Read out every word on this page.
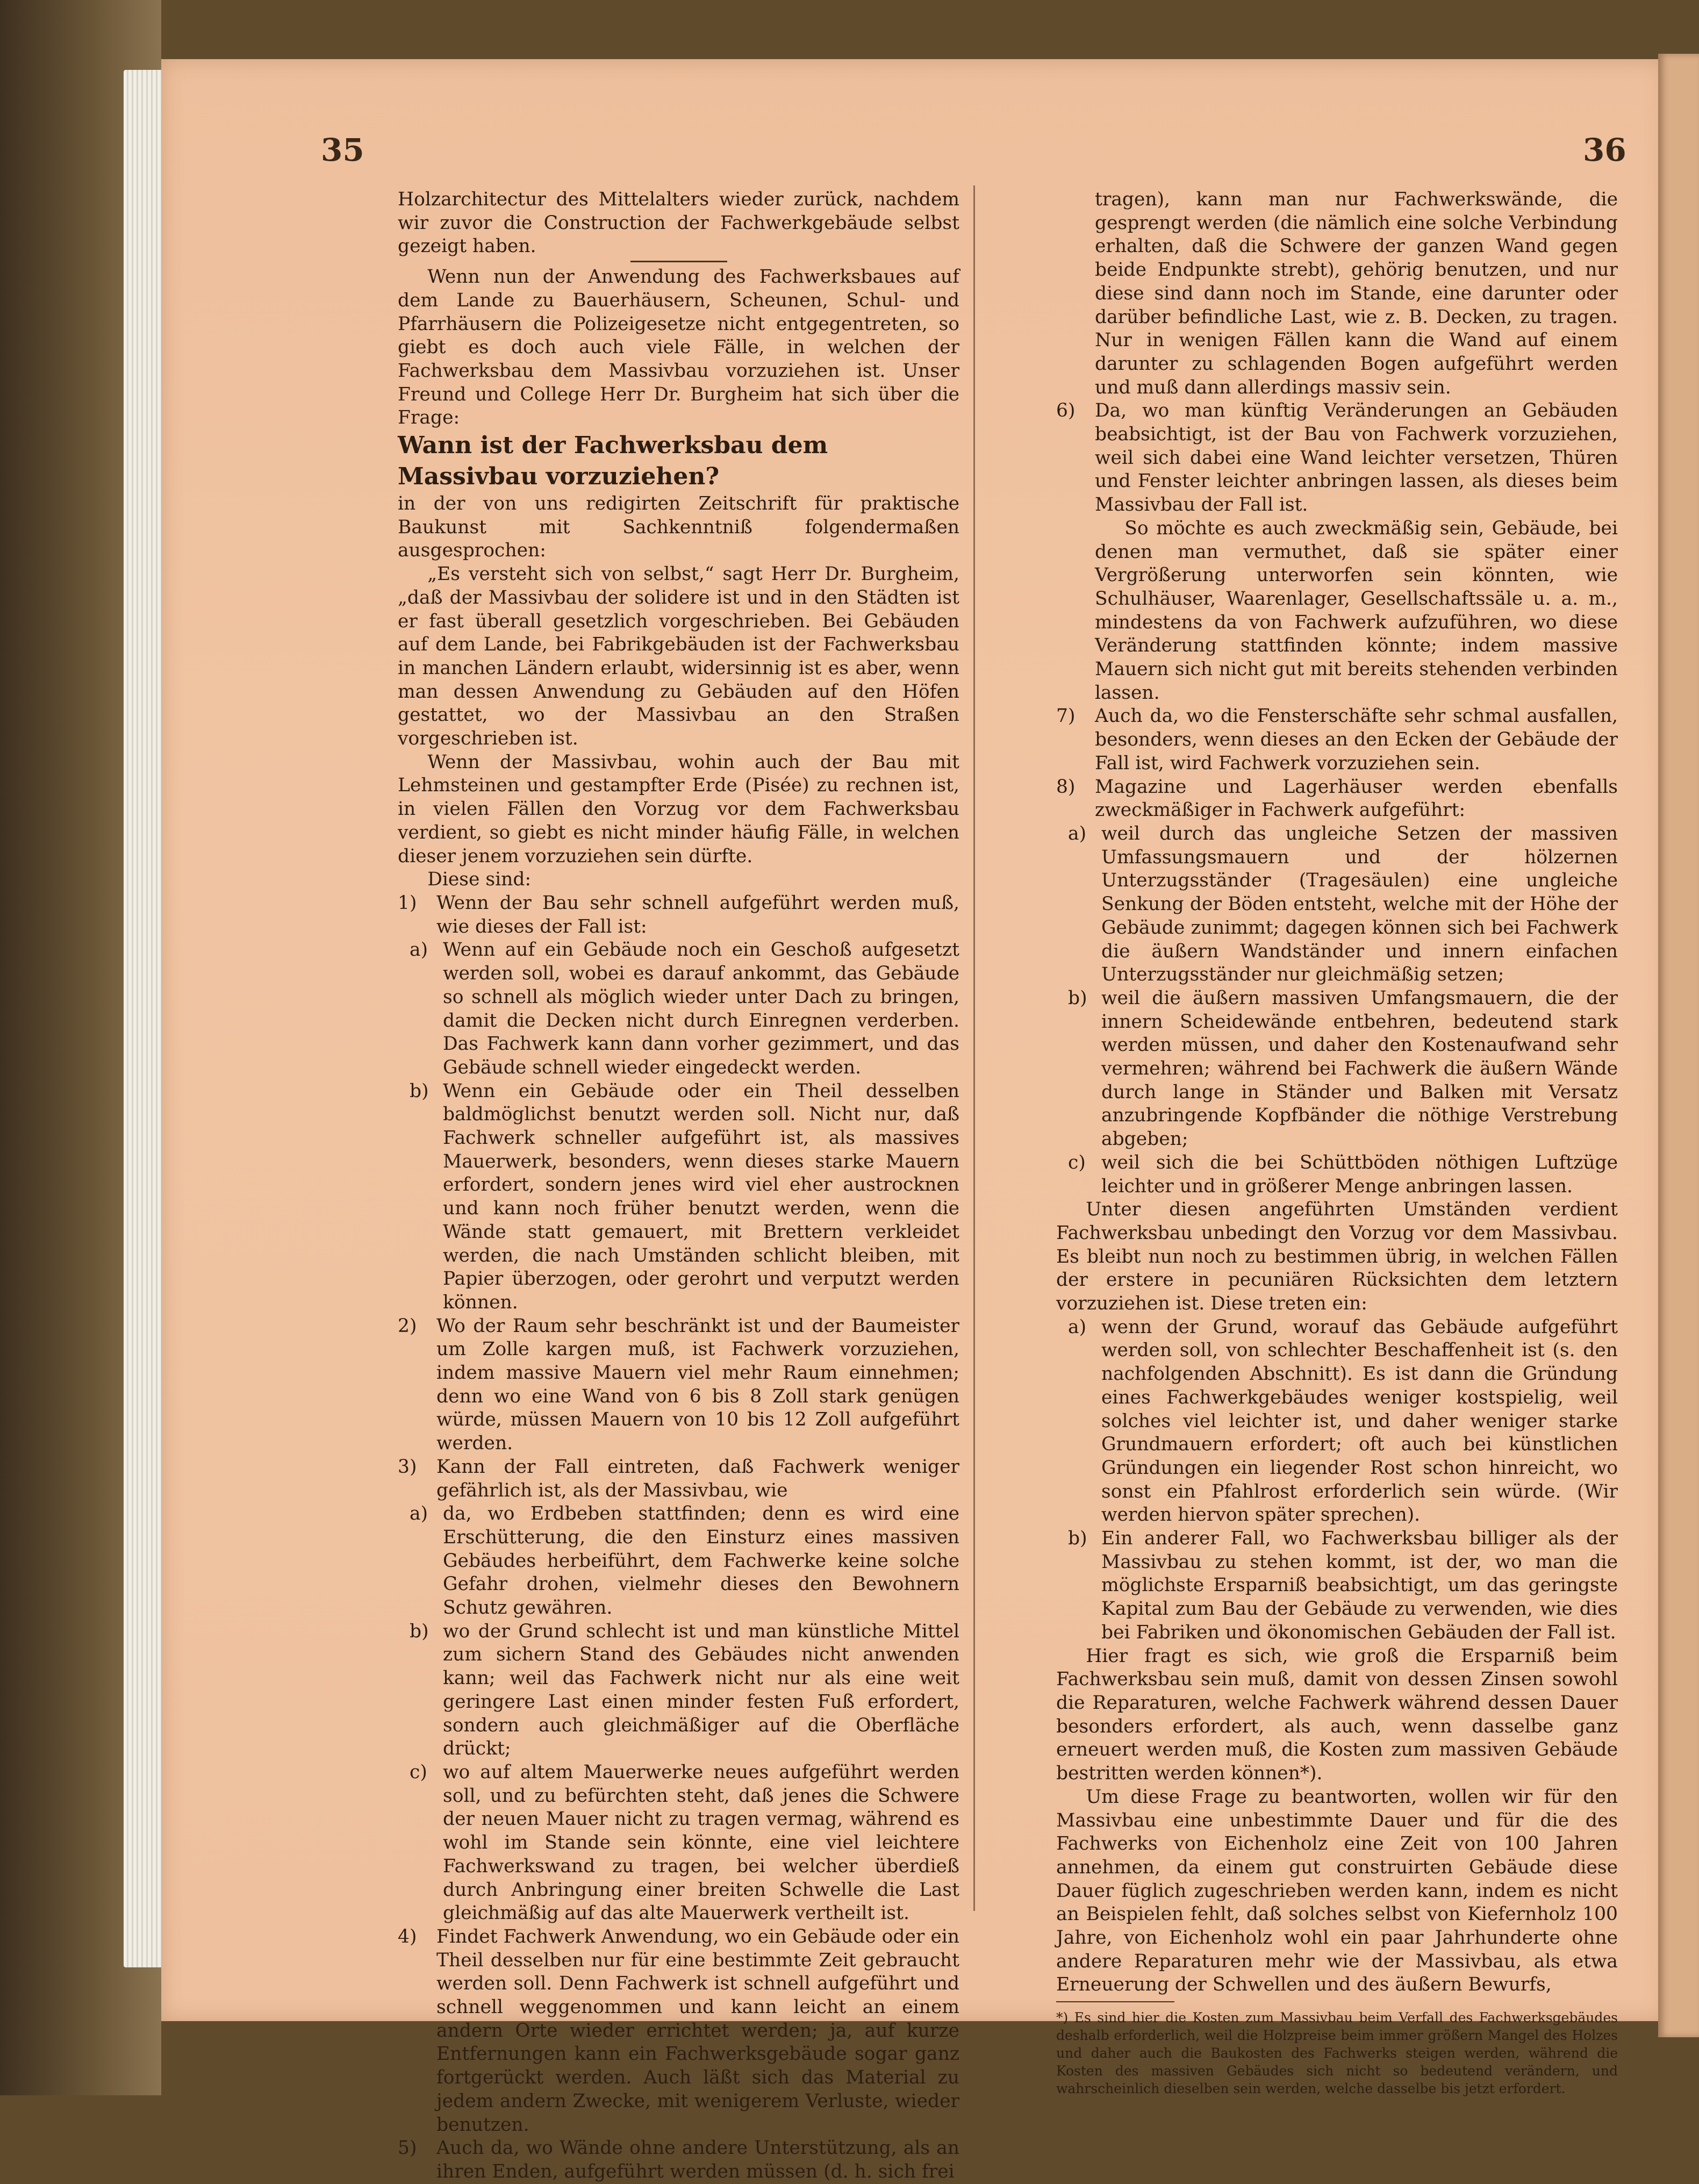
35	36

Holzarchitectur des Mittelalters wieder zurück, nachdem wir zuvor die Construction der Fachwerkgebäude selbst gezeigt haben.

Wenn nun der Anwendung des Fachwerksbaues auf dem Lande zu Bauerhäusern, Scheunen, Schul- und Pfarrhäusern die Polizeigesetze nicht entgegentreten, so giebt es doch auch viele Fälle, in welchen der Fachwerksbau dem Massivbau vorzuziehen ist. Unser Freund und College Herr Dr. Burgheim hat sich über die Frage:

Wann ist der Fachwerksbau dem Massivbau vorzuziehen?

in der von uns redigirten Zeitschrift für praktische Baukunst mit Sachkenntniß folgendermaßen ausgesprochen:

„Es versteht sich von selbst,“ sagt Herr Dr. Burgheim, „daß der Massivbau der solidere ist und in den Städten ist er fast überall gesetzlich vorgeschrieben. Bei Gebäuden auf dem Lande, bei Fabrikgebäuden ist der Fachwerksbau in manchen Ländern erlaubt, widersinnig ist es aber, wenn man dessen Anwendung zu Gebäuden auf den Höfen gestattet, wo der Massivbau an den Straßen vorgeschrieben ist.

Wenn der Massivbau, wohin auch der Bau mit Lehmsteinen und gestampfter Erde (Pisée) zu rechnen ist, in vielen Fällen den Vorzug vor dem Fachwerksbau verdient, so giebt es nicht minder häufig Fälle, in welchen dieser jenem vorzuziehen sein dürfte.

Diese sind:

1) Wenn der Bau sehr schnell aufgeführt werden muß, wie dieses der Fall ist:
a) Wenn auf ein Gebäude noch ein Geschoß aufgesetzt werden soll, wobei es darauf ankommt, das Gebäude so schnell als möglich wieder unter Dach zu bringen, damit die Decken nicht durch Einregnen verderben. Das Fachwerk kann dann vorher gezimmert, und das Gebäude schnell wieder eingedeckt werden.
b) Wenn ein Gebäude oder ein Theil desselben baldmöglichst benutzt werden soll. Nicht nur, daß Fachwerk schneller aufgeführt ist, als massives Mauerwerk, besonders, wenn dieses starke Mauern erfordert, sondern jenes wird viel eher austrocknen und kann noch früher benutzt werden, wenn die Wände statt gemauert, mit Brettern verkleidet werden, die nach Umständen schlicht bleiben, mit Papier überzogen, oder gerohrt und verputzt werden können.
2) Wo der Raum sehr beschränkt ist und der Baumeister um Zolle kargen muß, ist Fachwerk vorzuziehen, indem massive Mauern viel mehr Raum einnehmen; denn wo eine Wand von 6 bis 8 Zoll stark genügen würde, müssen Mauern von 10 bis 12 Zoll aufgeführt werden.
3) Kann der Fall eintreten, daß Fachwerk weniger gefährlich ist, als der Massivbau, wie
a) da, wo Erdbeben stattfinden; denn es wird eine Erschütterung, die den Einsturz eines massiven Gebäudes herbeiführt, dem Fachwerke keine solche Gefahr drohen, vielmehr dieses den Bewohnern Schutz gewähren.
b) wo der Grund schlecht ist und man künstliche Mittel zum sichern Stand des Gebäudes nicht anwenden kann; weil das Fachwerk nicht nur als eine weit geringere Last einen minder festen Fuß erfordert, sondern auch gleichmäßiger auf die Oberfläche drückt;
c) wo auf altem Mauerwerke neues aufgeführt werden soll, und zu befürchten steht, daß jenes die Schwere der neuen Mauer nicht zu tragen vermag, während es wohl im Stande sein könnte, eine viel leichtere Fachwerkswand zu tragen, bei welcher überdieß durch Anbringung einer breiten Schwelle die Last gleichmäßig auf das alte Mauerwerk vertheilt ist.
4) Findet Fachwerk Anwendung, wo ein Gebäude oder ein Theil desselben nur für eine bestimmte Zeit gebraucht werden soll. Denn Fachwerk ist schnell aufgeführt und schnell weggenommen und kann leicht an einem andern Orte wieder errichtet werden; ja, auf kurze Entfernungen kann ein Fachwerksgebäude sogar ganz fortgerückt werden. Auch läßt sich das Material zu jedem andern Zwecke, mit wenigerem Verluste, wieder benutzen.
5) Auch da, wo Wände ohne andere Unterstützung, als an ihren Enden, aufgeführt werden müssen (d. h. sich frei

tragen), kann man nur Fachwerkswände, die gesprengt werden (die nämlich eine solche Verbindung erhalten, daß die Schwere der ganzen Wand gegen beide Endpunkte strebt), gehörig benutzen, und nur diese sind dann noch im Stande, eine darunter oder darüber befindliche Last, wie z. B. Decken, zu tragen. Nur in wenigen Fällen kann die Wand auf einem darunter zu schlagenden Bogen aufgeführt werden und muß dann allerdings massiv sein.

6) Da, wo man künftig Veränderungen an Gebäuden beabsichtigt, ist der Bau von Fachwerk vorzuziehen, weil sich dabei eine Wand leichter versetzen, Thüren und Fenster leichter anbringen lassen, als dieses beim Massivbau der Fall ist.

So möchte es auch zweckmäßig sein, Gebäude, bei denen man vermuthet, daß sie später einer Vergrößerung unterworfen sein könnten, wie Schulhäuser, Waarenlager, Gesellschaftssäle u. a. m., mindestens da von Fachwerk aufzuführen, wo diese Veränderung stattfinden könnte; indem massive Mauern sich nicht gut mit bereits stehenden verbinden lassen.

7) Auch da, wo die Fensterschäfte sehr schmal ausfallen, besonders, wenn dieses an den Ecken der Gebäude der Fall ist, wird Fachwerk vorzuziehen sein.
8) Magazine und Lagerhäuser werden ebenfalls zweckmäßiger in Fachwerk aufgeführt:
a) weil durch das ungleiche Setzen der massiven Umfassungsmauern und der hölzernen Unterzugsständer (Tragesäulen) eine ungleiche Senkung der Böden entsteht, welche mit der Höhe der Gebäude zunimmt; dagegen können sich bei Fachwerk die äußern Wandständer und innern einfachen Unterzugsständer nur gleichmäßig setzen;
b) weil die äußern massiven Umfangsmauern, die der innern Scheidewände entbehren, bedeutend stark werden müssen, und daher den Kostenaufwand sehr vermehren; während bei Fachwerk die äußern Wände durch lange in Ständer und Balken mit Versatz anzubringende Kopfbänder die nöthige Verstrebung abgeben;
c) weil sich die bei Schüttböden nöthigen Luftzüge leichter und in größerer Menge anbringen lassen.

Unter diesen angeführten Umständen verdient Fachwerksbau unbedingt den Vorzug vor dem Massivbau. Es bleibt nun noch zu bestimmen übrig, in welchen Fällen der erstere in pecuniären Rücksichten dem letztern vorzuziehen ist. Diese treten ein:

a) wenn der Grund, worauf das Gebäude aufgeführt werden soll, von schlechter Beschaffenheit ist (s. den nachfolgenden Abschnitt). Es ist dann die Gründung eines Fachwerkgebäudes weniger kostspielig, weil solches viel leichter ist, und daher weniger starke Grundmauern erfordert; oft auch bei künstlichen Gründungen ein liegender Rost schon hinreicht, wo sonst ein Pfahlrost erforderlich sein würde. (Wir werden hiervon später sprechen).
b) Ein anderer Fall, wo Fachwerksbau billiger als der Massivbau zu stehen kommt, ist der, wo man die möglichste Ersparniß beabsichtigt, um das geringste Kapital zum Bau der Gebäude zu verwenden, wie dies bei Fabriken und ökonomischen Gebäuden der Fall ist.

Hier fragt es sich, wie groß die Ersparniß beim Fachwerksbau sein muß, damit von dessen Zinsen sowohl die Reparaturen, welche Fachwerk während dessen Dauer besonders erfordert, als auch, wenn dasselbe ganz erneuert werden muß, die Kosten zum massiven Gebäude bestritten werden können*).

Um diese Frage zu beantworten, wollen wir für den Massivbau eine unbestimmte Dauer und für die des Fachwerks von Eichenholz eine Zeit von 100 Jahren annehmen, da einem gut construirten Gebäude diese Dauer füglich zugeschrieben werden kann, indem es nicht an Beispielen fehlt, daß solches selbst von Kiefernholz 100 Jahre, von Eichenholz wohl ein paar Jahrhunderte ohne andere Reparaturen mehr wie der Massivbau, als etwa Erneuerung der Schwellen und des äußern Bewurfs,

*) Es sind hier die Kosten zum Massivbau beim Verfall des Fachwerksgebäudes deshalb erforderlich, weil die Holzpreise beim immer größern Mangel des Holzes und daher auch die Baukosten des Fachwerks steigen werden, während die Kosten des massiven Gebäudes sich nicht so bedeutend verändern, und wahrscheinlich dieselben sein werden, welche dasselbe bis jetzt erfordert.
